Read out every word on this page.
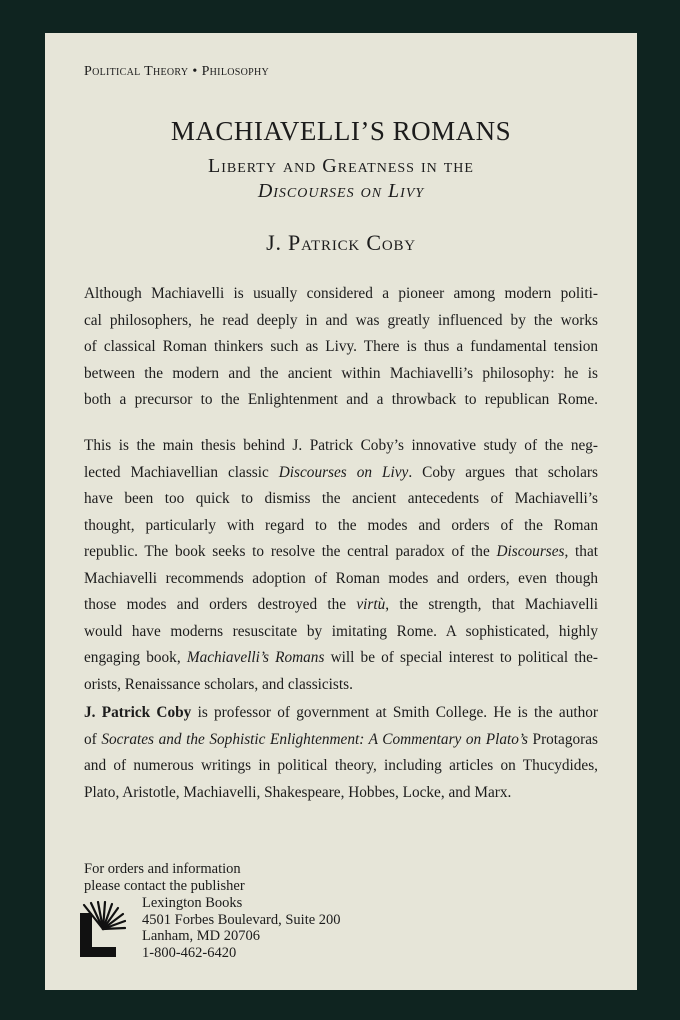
Political Theory • Philosophy
MACHIAVELLI’S ROMANS
Liberty and Greatness in the
Discourses on Livy
J. Patrick Coby
Although Machiavelli is usually considered a pioneer among modern politi-
cal philosophers, he read deeply in and was greatly influenced by the works
of classical Roman thinkers such as Livy. There is thus a fundamental tension
between the modern and the ancient within Machiavelli’s philosophy: he is
both a precursor to the Enlightenment and a throwback to republican Rome.
This is the main thesis behind J. Patrick Coby’s innovative study of the neg-
lected Machiavellian classic Discourses on Livy. Coby argues that scholars
have been too quick to dismiss the ancient antecedents of Machiavelli’s
thought, particularly with regard to the modes and orders of the Roman
republic. The book seeks to resolve the central paradox of the Discourses, that
Machiavelli recommends adoption of Roman modes and orders, even though
those modes and orders destroyed the virtù, the strength, that Machiavelli
would have moderns resuscitate by imitating Rome. A sophisticated, highly
engaging book, Machiavelli’s Romans will be of special interest to political the-
orists, Renaissance scholars, and classicists.
J. Patrick Coby is professor of government at Smith College. He is the author
of Socrates and the Sophistic Enlightenment: A Commentary on Plato’s Protagoras
and of numerous writings in political theory, including articles on Thucydides,
Plato, Aristotle, Machiavelli, Shakespeare, Hobbes, Locke, and Marx.
For orders and information
please contact the publisher
Lexington Books
4501 Forbes Boulevard, Suite 200
Lanham, MD 20706
1-800-462-6420
